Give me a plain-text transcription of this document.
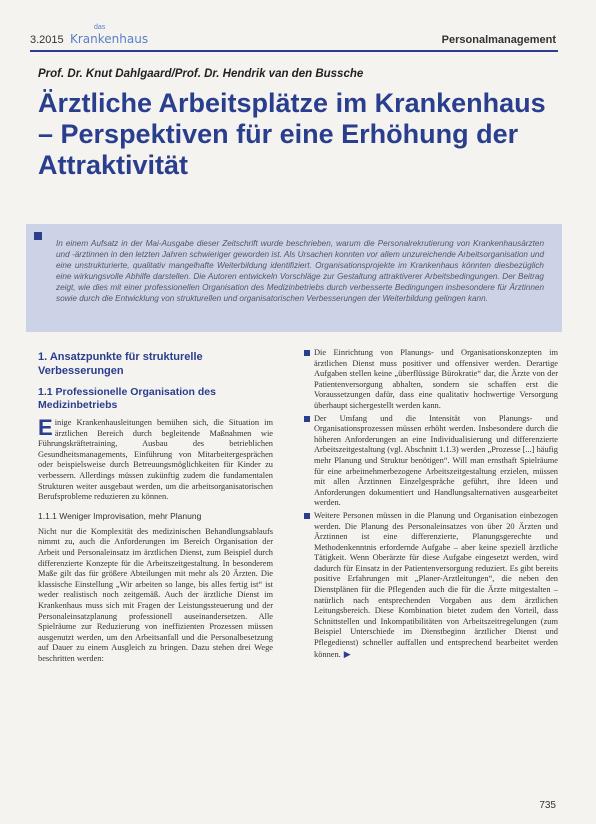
3.2015
das
Krankenhaus	Personalmanagement
Prof. Dr. Knut Dahlgaard/Prof. Dr. Hendrik van den Bussche
Ärztliche Arbeitsplätze im Krankenhaus – Perspektiven für eine Erhöhung der Attraktivität

In einem Aufsatz in der Mai-Ausgabe dieser Zeitschrift wurde beschrieben, warum die Personalrekrutierung von Krankenhausärzten und -ärztinnen in den letzten Jahren schwieriger geworden ist. Als Ursachen konnten vor allem unzureichende Arbeitsorganisation und eine unstrukturierte, qualitativ mangelhafte Weiterbildung identifiziert. Organisationsprojekte im Krankenhaus könnten diesbezüglich eine wirkungsvolle Abhilfe darstellen. Die Autoren entwickeln Vorschläge zur Gestaltung attraktiverer Arbeitsbedingungen. Der Beitrag zeigt, wie dies mit einer professionellen Organisation des Medizinbetriebs durch verbesserte Bedingungen insbesondere für Ärztinnen sowie durch die Entwicklung von strukturellen und organisatorischen Verbesserungen der Weiterbildung gelingen kann.

1. Ansatzpunkte für strukturelle Verbesserungen
1.1 Professionelle Organisation des Medizinbetriebs

Einige Krankenhausleitungen bemühen sich, die Situation im ärztlichen Bereich durch begleitende Maßnahmen wie Führungskräftetraining, Ausbau des betrieblichen Gesundheitsmanagements, Einführung von Mitarbeitergesprächen oder beispielsweise durch Betreuungsmöglichkeiten für Kinder zu verbessern. Allerdings müssen zukünftig zudem die fundamentalen Strukturen weiter ausgebaut werden, um die arbeitsorganisatorischen Berufsprobleme reduzieren zu können.

1.1.1 Weniger Improvisation, mehr Planung

Nicht nur die Komplexität des medizinischen Behandlungsablaufs nimmt zu, auch die Anforderungen im Bereich Organisation der Arbeit und Personaleinsatz im ärztlichen Dienst, zum Beispiel durch differenzierte Konzepte für die Arbeitszeitgestaltung. In besonderem Maße gilt das für größere Abteilungen mit mehr als 20 Ärzten. Die klassische Einstellung „Wir arbeiten so lange, bis alles fertig ist“ ist weder realistisch noch zeitgemäß. Auch der ärztliche Dienst im Krankenhaus muss sich mit Fragen der Leistungssteuerung und der Personaleinsatzplanung professionell auseinandersetzen. Alle Spielräume zur Reduzierung von ineffizienten Prozessen müssen ausgenutzt werden, um den Arbeitsanfall und die Personalbesetzung auf Dauer zu einem Ausgleich zu bringen. Dazu stehen drei Wege beschritten werden:

Die Einrichtung von Planungs- und Organisationskonzepten im ärztlichen Dienst muss positiver und offensiver werden. Derartige Aufgaben stellen keine „überflüssige Bürokratie“ dar, die Ärzte von der Patientenversorgung abhalten, sondern sie schaffen erst die Voraussetzungen dafür, dass eine qualitativ hochwertige Versorgung überhaupt sichergestellt werden kann.

Der Umfang und die Intensität von Planungs- und Organisationsprozessen müssen erhöht werden. Insbesondere durch die höheren Anforderungen an eine Individualisierung und differenzierte Arbeitszeitgestaltung (vgl. Abschnitt 1.1.3) werden „Prozesse [...] häufig mehr Planung und Struktur benötigen“. Will man ernsthaft Spielräume für eine arbeitnehmerbezogene Arbeitszeitgestaltung erzielen, müssen mit allen Ärztinnen Einzelgespräche geführt, ihre Ideen und Anforderungen dokumentiert und Handlungsalternativen ausgearbeitet werden.

Weitere Personen müssen in die Planung und Organisation einbezogen werden. Die Planung des Personaleinsatzes von über 20 Ärzten und Ärztinnen ist eine differenzierte, Planungsgerechte und Methodenkenntnis erfordernde Aufgabe – aber keine speziell ärztliche Tätigkeit. Wenn Oberärzte für diese Aufgabe eingesetzt werden, wird dadurch für Einsatz in der Patientenversorgung reduziert. Es gibt bereits positive Erfahrungen mit „Planer-Arztleitungen“, die neben den Dienstplänen für die Pflegenden auch die für die Ärzte mitgestalten – natürlich nach entsprechenden Vorgaben aus dem ärztlichen Leitungsbereich. Diese Kombination bietet zudem den Vorteil, dass Schnittstellen und Inkompatibilitäten von Arbeitszeitregelungen (zum Beispiel Unterschiede im Dienstbeginn ärztlicher Dienst und Pflegedienst) schneller auffallen und entsprechend bearbeitet werden können. ▶

735
